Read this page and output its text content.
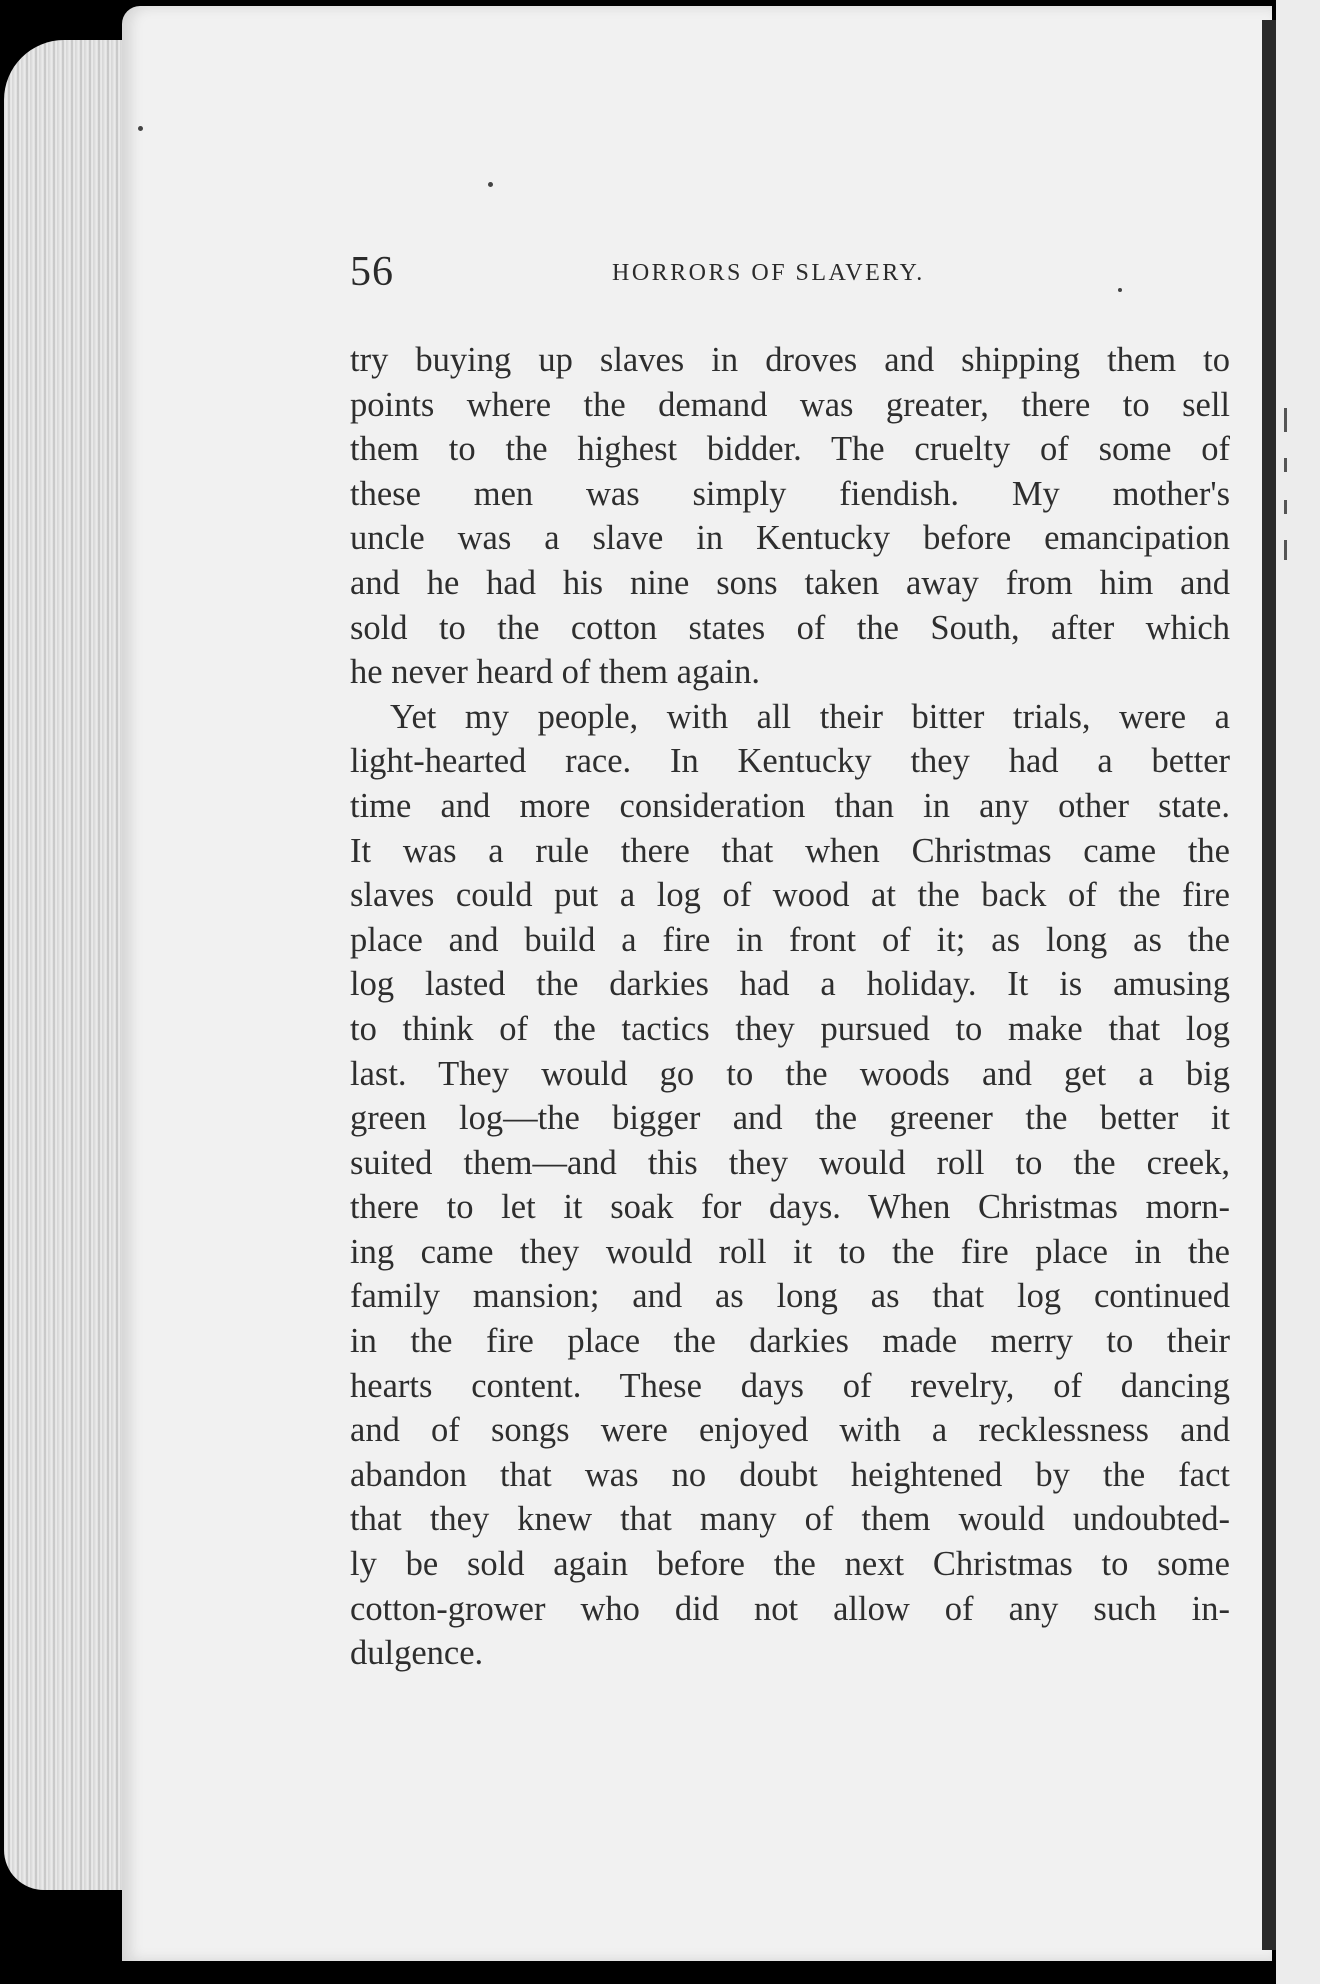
56	HORRORS OF SLAVERY.
try buying up slaves in droves and shipping them to
points where the demand was greater, there to sell
them to the highest bidder. The cruelty of some of
these men was simply fiendish. My mother's
uncle was a slave in Kentucky before emancipation
and he had his nine sons taken away from him and
sold to the cotton states of the South, after which
he never heard of them again.
Yet my people, with all their bitter trials, were a
light-hearted race. In Kentucky they had a better
time and more consideration than in any other state.
It was a rule there that when Christmas came the
slaves could put a log of wood at the back of the fire
place and build a fire in front of it; as long as the
log lasted the darkies had a holiday. It is amusing
to think of the tactics they pursued to make that log
last. They would go to the woods and get a big
green log—the bigger and the greener the better it
suited them—and this they would roll to the creek,
there to let it soak for days. When Christmas morn-
ing came they would roll it to the fire place in the
family mansion; and as long as that log continued
in the fire place the darkies made merry to their
hearts content. These days of revelry, of dancing
and of songs were enjoyed with a recklessness and
abandon that was no doubt heightened by the fact
that they knew that many of them would undoubted-
ly be sold again before the next Christmas to some
cotton-grower who did not allow of any such in-
dulgence.
